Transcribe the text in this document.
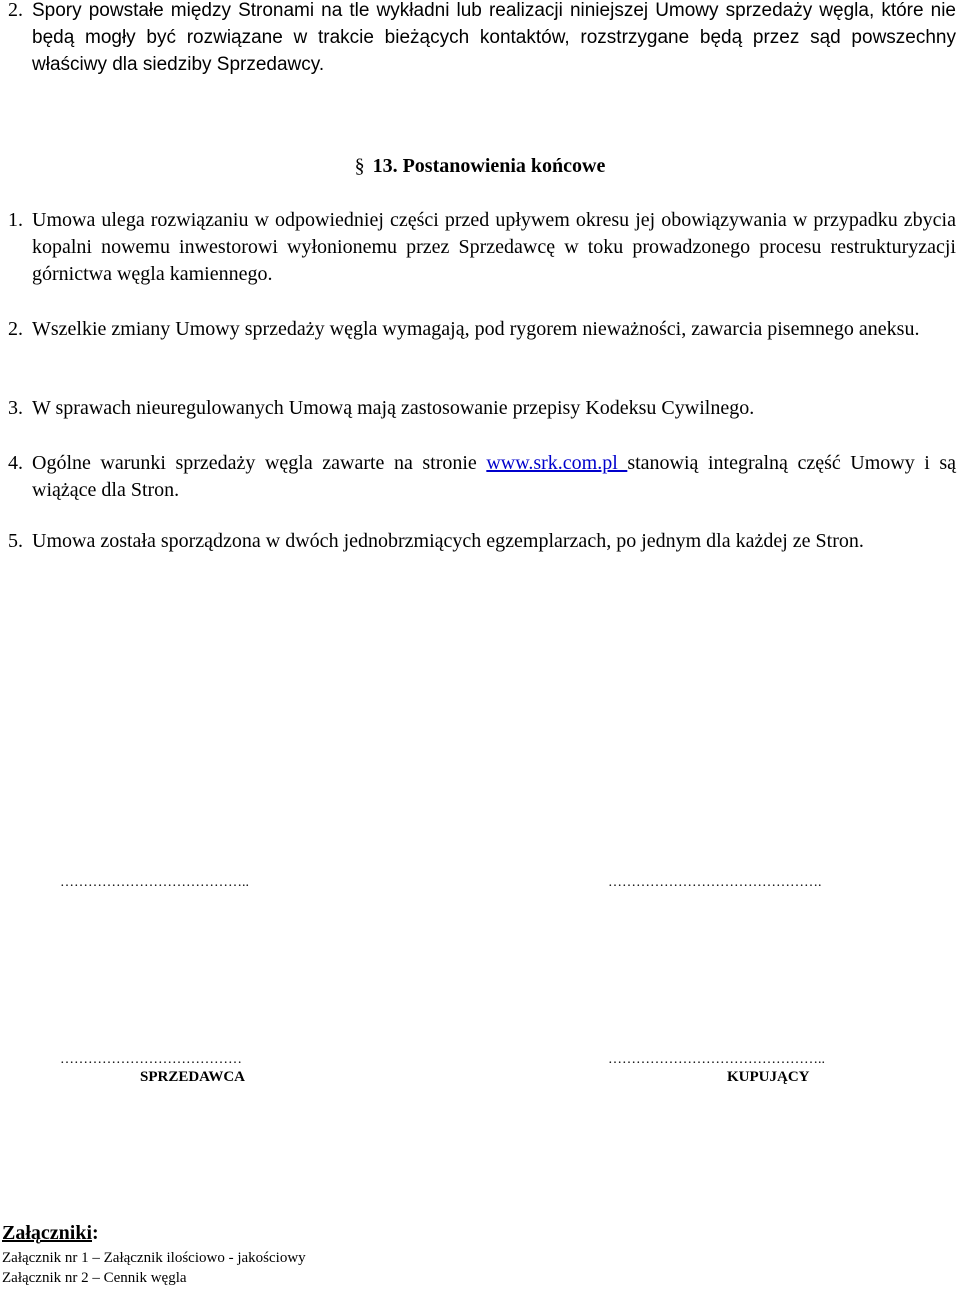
2. Spory powstałe między Stronami na tle wykładni lub realizacji niniejszej Umowy sprzedaży węgla, które nie będą mogły być rozwiązane w trakcie bieżących kontaktów, rozstrzygane będą przez sąd powszechny właściwy dla siedziby Sprzedawcy.
§ 13. Postanowienia końcowe
1. Umowa ulega rozwiązaniu w odpowiedniej części przed upływem okresu jej obowiązywania w przypadku zbycia kopalni nowemu inwestorowi wyłonionemu przez Sprzedawcę w toku prowadzonego procesu restrukturyzacji górnictwa węgla kamiennego.
2. Wszelkie zmiany Umowy sprzedaży węgla wymagają, pod rygorem nieważności, zawarcia pisemnego aneksu.
3. W sprawach nieuregulowanych Umową mają zastosowanie przepisy Kodeksu Cywilnego.
4. Ogólne warunki sprzedaży węgla zawarte na stronie www.srk.com.pl stanowią integralną część Umowy i są wiążące dla Stron.
5. Umowa została sporządzona w dwóch jednobrzmiących egzemplarzach, po jednym dla każdej ze Stron.
…………………………………..	……………………………………….
…………………………………	………………………………………..
SPRZEDAWCA	KUPUJĄCY
Załączniki:
Załącznik nr 1 – Załącznik ilościowo - jakościowy
Załącznik nr 2 – Cennik węgla
